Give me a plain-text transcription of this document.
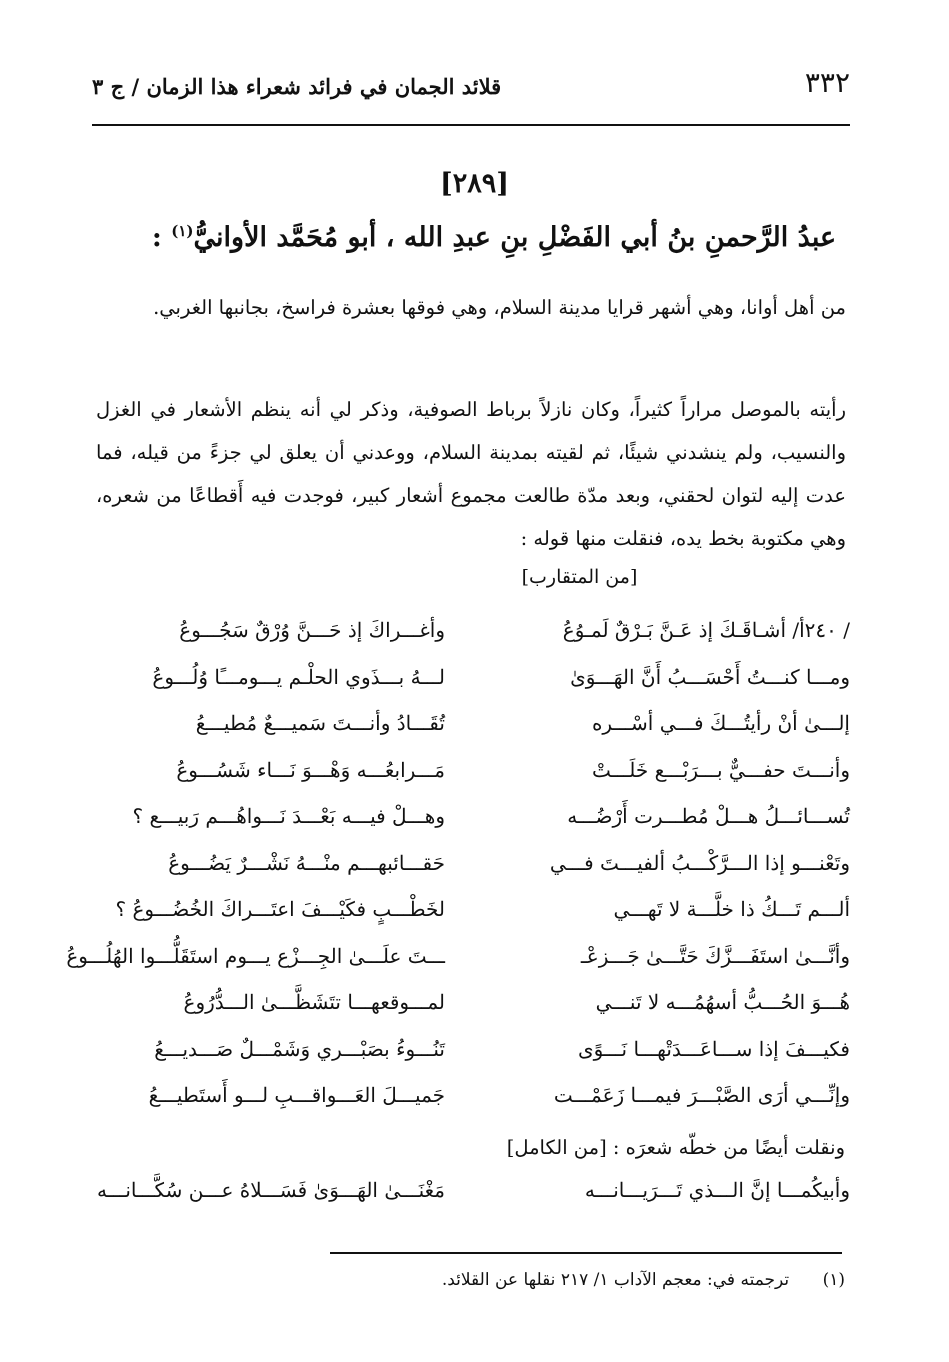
٣٣٢
قلائد الجمان في فرائد شعراء هذا الزمان / ج ٣
[٢٨٩]
عبدُ الرَّحمنِ بنُ أبي الفَضْلِ بنِ عبدِ الله ، أبو مُحَمَّد الأوانيُّ$^{(١)}$ :
من أهل أوانا، وهي أشهر قرايا مدينة السلام، وهي فوقها بعشرة فراسخ، بجانبها الغربي.
رأيته بالموصل مراراً كثيراً، وكان نازلاً برباط الصوفية، وذكر لي أنه ينظم الأشعار في الغزل والنسيب، ولم ينشدني شيئًا، ثم لقيته بمدينة السلام، ووعدني أن يعلق لي جزءً من قيله، فما عدت إليه لتوان لحقني، وبعد مدّة طالعت مجموع أشعار كبير، فوجدت فيه أَقطاعًا من شعره، وهي مكتوبة بخط يده، فنقلت منها قوله :
[من المتقارب]
/ ٢٤٠أ/ أشـاقَـكَ إذ عَـنَّ بَـرْقٌ لَمـوُعُ
وأغـــراكَ إذ حَـــنَّ وُرْقٌ سَجُـــوعُ
ومـــا كنـــتُ أَحْسَـــبُ أَنَّ الهَـــوَىٰ
لـــهُ بـــذَوي الحلْـم يـــومـــًا وُلُـــوعُ
إلـــىٰ أنْ رأيتُـــكَ فـــي أسْـــره
تُقَـــادُ وأنـــتَ سَميـــعٌ مُطيـــعُ
وأنـــتَ حفـــيٌّ بـــرَبْـــع خَلَـــتْ
مَـــرابعُـــه وَهْـــوَ نَـــاء شَسُـــوعُ
تُســـائـــلُ هـــلْ مُطـــرت أَرْضُـــه
وهـــلْ فيـــه بَعْـــدَ نَـــواهُـــم رَبيـــع ؟
وتَعْنـــو إذا الـــرَّكْـــبُ ألفيـــتَ فـــي
حَقـــائبهـــم منْـــهُ نَشْـــرٌ يَضُـــوعُ
ألـــم تَـــكُ ذا خلَّـــة لا تَهـــي
لخَطْـــبٍ فكَيْـــفَ اعتَـــراكَ الخُضُـــوعُ ؟
وأنَّـــىٰ استَفَـــزَّكَ حَتَّـــىٰ جَـــزعْـ
ـــتَ علَـــىٰ الجِـــزْع يـــوم استَقَلُّـــوا الهُلُـــوعُ
هُـــوَ الحُـــبُّ أسهُمُـــه لا تَنـــي
لمـــوقعهـــا تتَشَظَّـــىٰ الـــدُّرُوعُ
فكيـــفَ إذا ســـاعَـــدَتْهـــا نَـــوًى
تَنُـــوءُ بصَبْـــري وَشَمْـــلٌ صَـــديـــعُ
وإنِّـــي أرَى الصَّبْـــرَ فيمـــا زَعَمْـــت
جَميـــلَ العَـــواقـــبِ لـــو أَستَطيـــعُ
ونقلت أيضًا من خطّه شعرَه : [من الكامل]
وأبيكُمـــا إنَّ الـــذي تَـــرَيـــانـــه
مَغْنَـــىٰ الهَـــوَىٰ فَسَـــلاهُ عـــن سُكَّـــانـــه
(١) ترجمته في: معجم الآداب ١/ ٢١٧ نقلها عن القلائد.
